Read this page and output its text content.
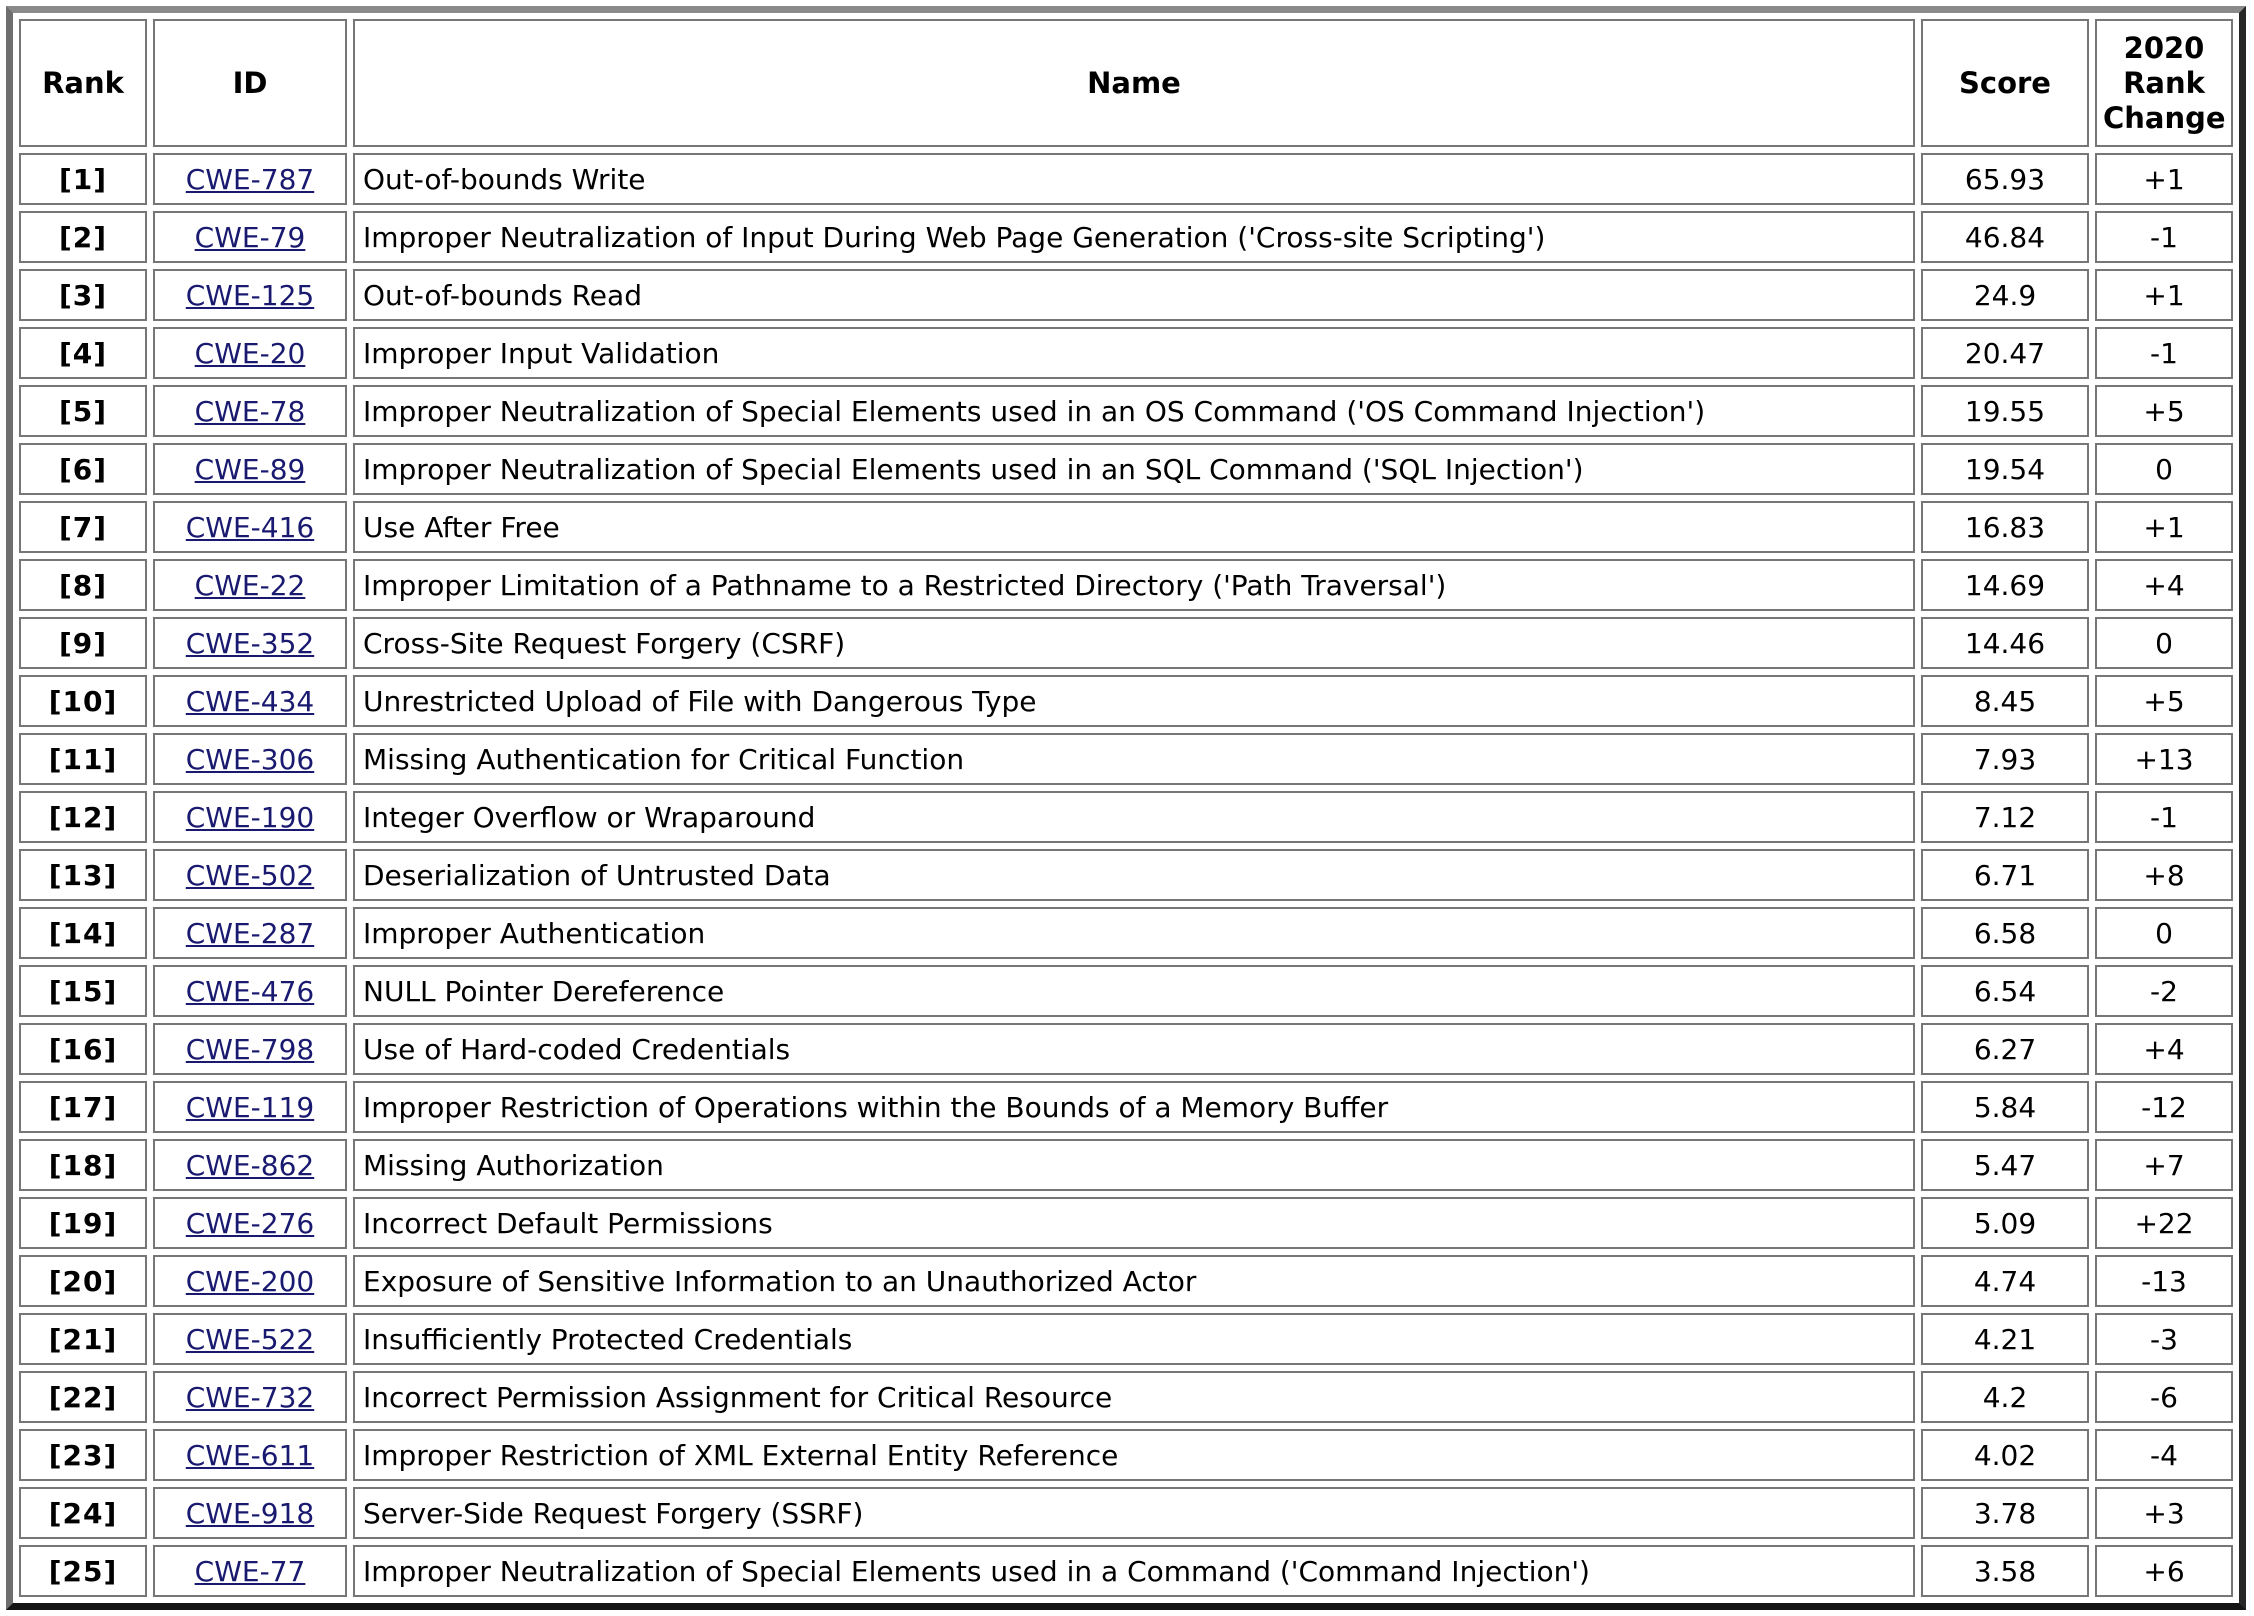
Rank	ID	Name	Score	2020 Rank Change
[1]	CWE-787	Out-of-bounds Write	65.93	+1
[2]	CWE-79	Improper Neutralization of Input During Web Page Generation ('Cross-site Scripting')	46.84	-1
[3]	CWE-125	Out-of-bounds Read	24.9	+1
[4]	CWE-20	Improper Input Validation	20.47	-1
[5]	CWE-78	Improper Neutralization of Special Elements used in an OS Command ('OS Command Injection')	19.55	+5
[6]	CWE-89	Improper Neutralization of Special Elements used in an SQL Command ('SQL Injection')	19.54	0
[7]	CWE-416	Use After Free	16.83	+1
[8]	CWE-22	Improper Limitation of a Pathname to a Restricted Directory ('Path Traversal')	14.69	+4
[9]	CWE-352	Cross-Site Request Forgery (CSRF)	14.46	0
[10]	CWE-434	Unrestricted Upload of File with Dangerous Type	8.45	+5
[11]	CWE-306	Missing Authentication for Critical Function	7.93	+13
[12]	CWE-190	Integer Overflow or Wraparound	7.12	-1
[13]	CWE-502	Deserialization of Untrusted Data	6.71	+8
[14]	CWE-287	Improper Authentication	6.58	0
[15]	CWE-476	NULL Pointer Dereference	6.54	-2
[16]	CWE-798	Use of Hard-coded Credentials	6.27	+4
[17]	CWE-119	Improper Restriction of Operations within the Bounds of a Memory Buffer	5.84	-12
[18]	CWE-862	Missing Authorization	5.47	+7
[19]	CWE-276	Incorrect Default Permissions	5.09	+22
[20]	CWE-200	Exposure of Sensitive Information to an Unauthorized Actor	4.74	-13
[21]	CWE-522	Insufficiently Protected Credentials	4.21	-3
[22]	CWE-732	Incorrect Permission Assignment for Critical Resource	4.2	-6
[23]	CWE-611	Improper Restriction of XML External Entity Reference	4.02	-4
[24]	CWE-918	Server-Side Request Forgery (SSRF)	3.78	+3
[25]	CWE-77	Improper Neutralization of Special Elements used in a Command ('Command Injection')	3.58	+6
